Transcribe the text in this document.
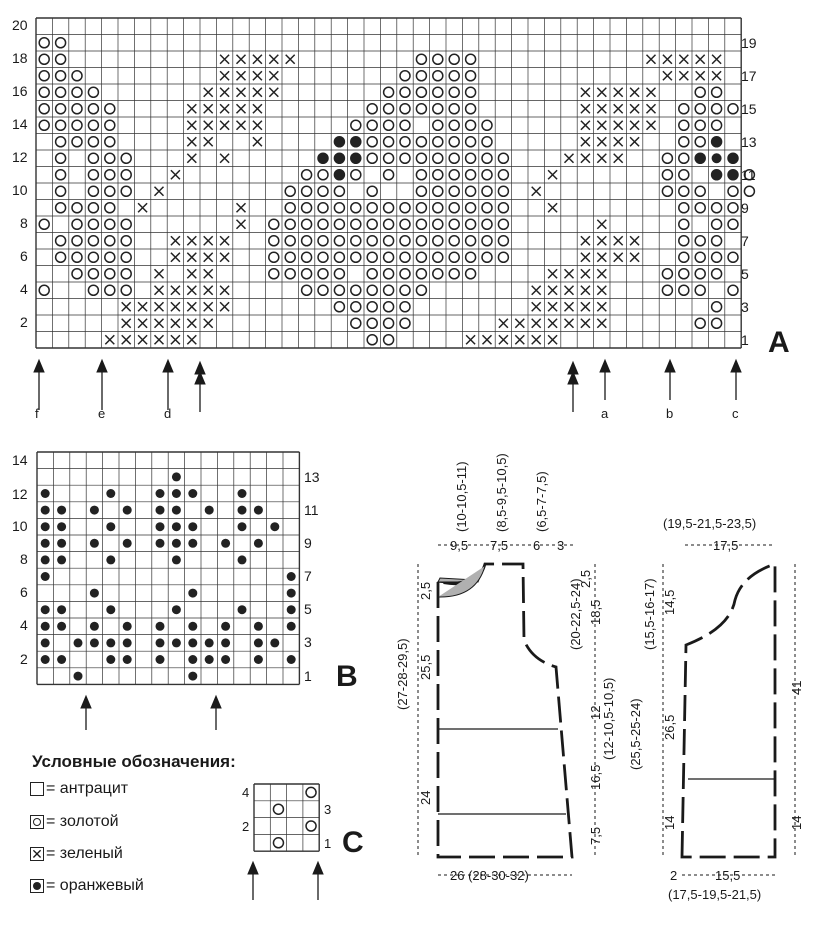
20
18
16
14
12
10
8
6
4
2
19
17
15
13
11
9
7
5
3
1 A
f	e	d	a	b	c
14
12
10
8
6
4
2
13
11
9
7
5
3
1 B
4
2
3
1 C
(10-10,5-11) (8,5-9,5-10,5) (6,5-7-7,5)
9,5 7,5 6 3
(27-28-29,5)
2,5
25,5
24
2,5
(20-22,5-24) 18,5
12
(12-10,5-10,5)
16,5
7,5
26 (28-30-32)
(19,5-21,5-23,5)
17,5
(15,5-16-17) 14,5
(25,5-25-24) 26,5
14
41
14
2	15,5
(17,5-19,5-21,5)
Условные обозначения:
= антрацит
= золотой
✕ = зеленый
= оранжевый
